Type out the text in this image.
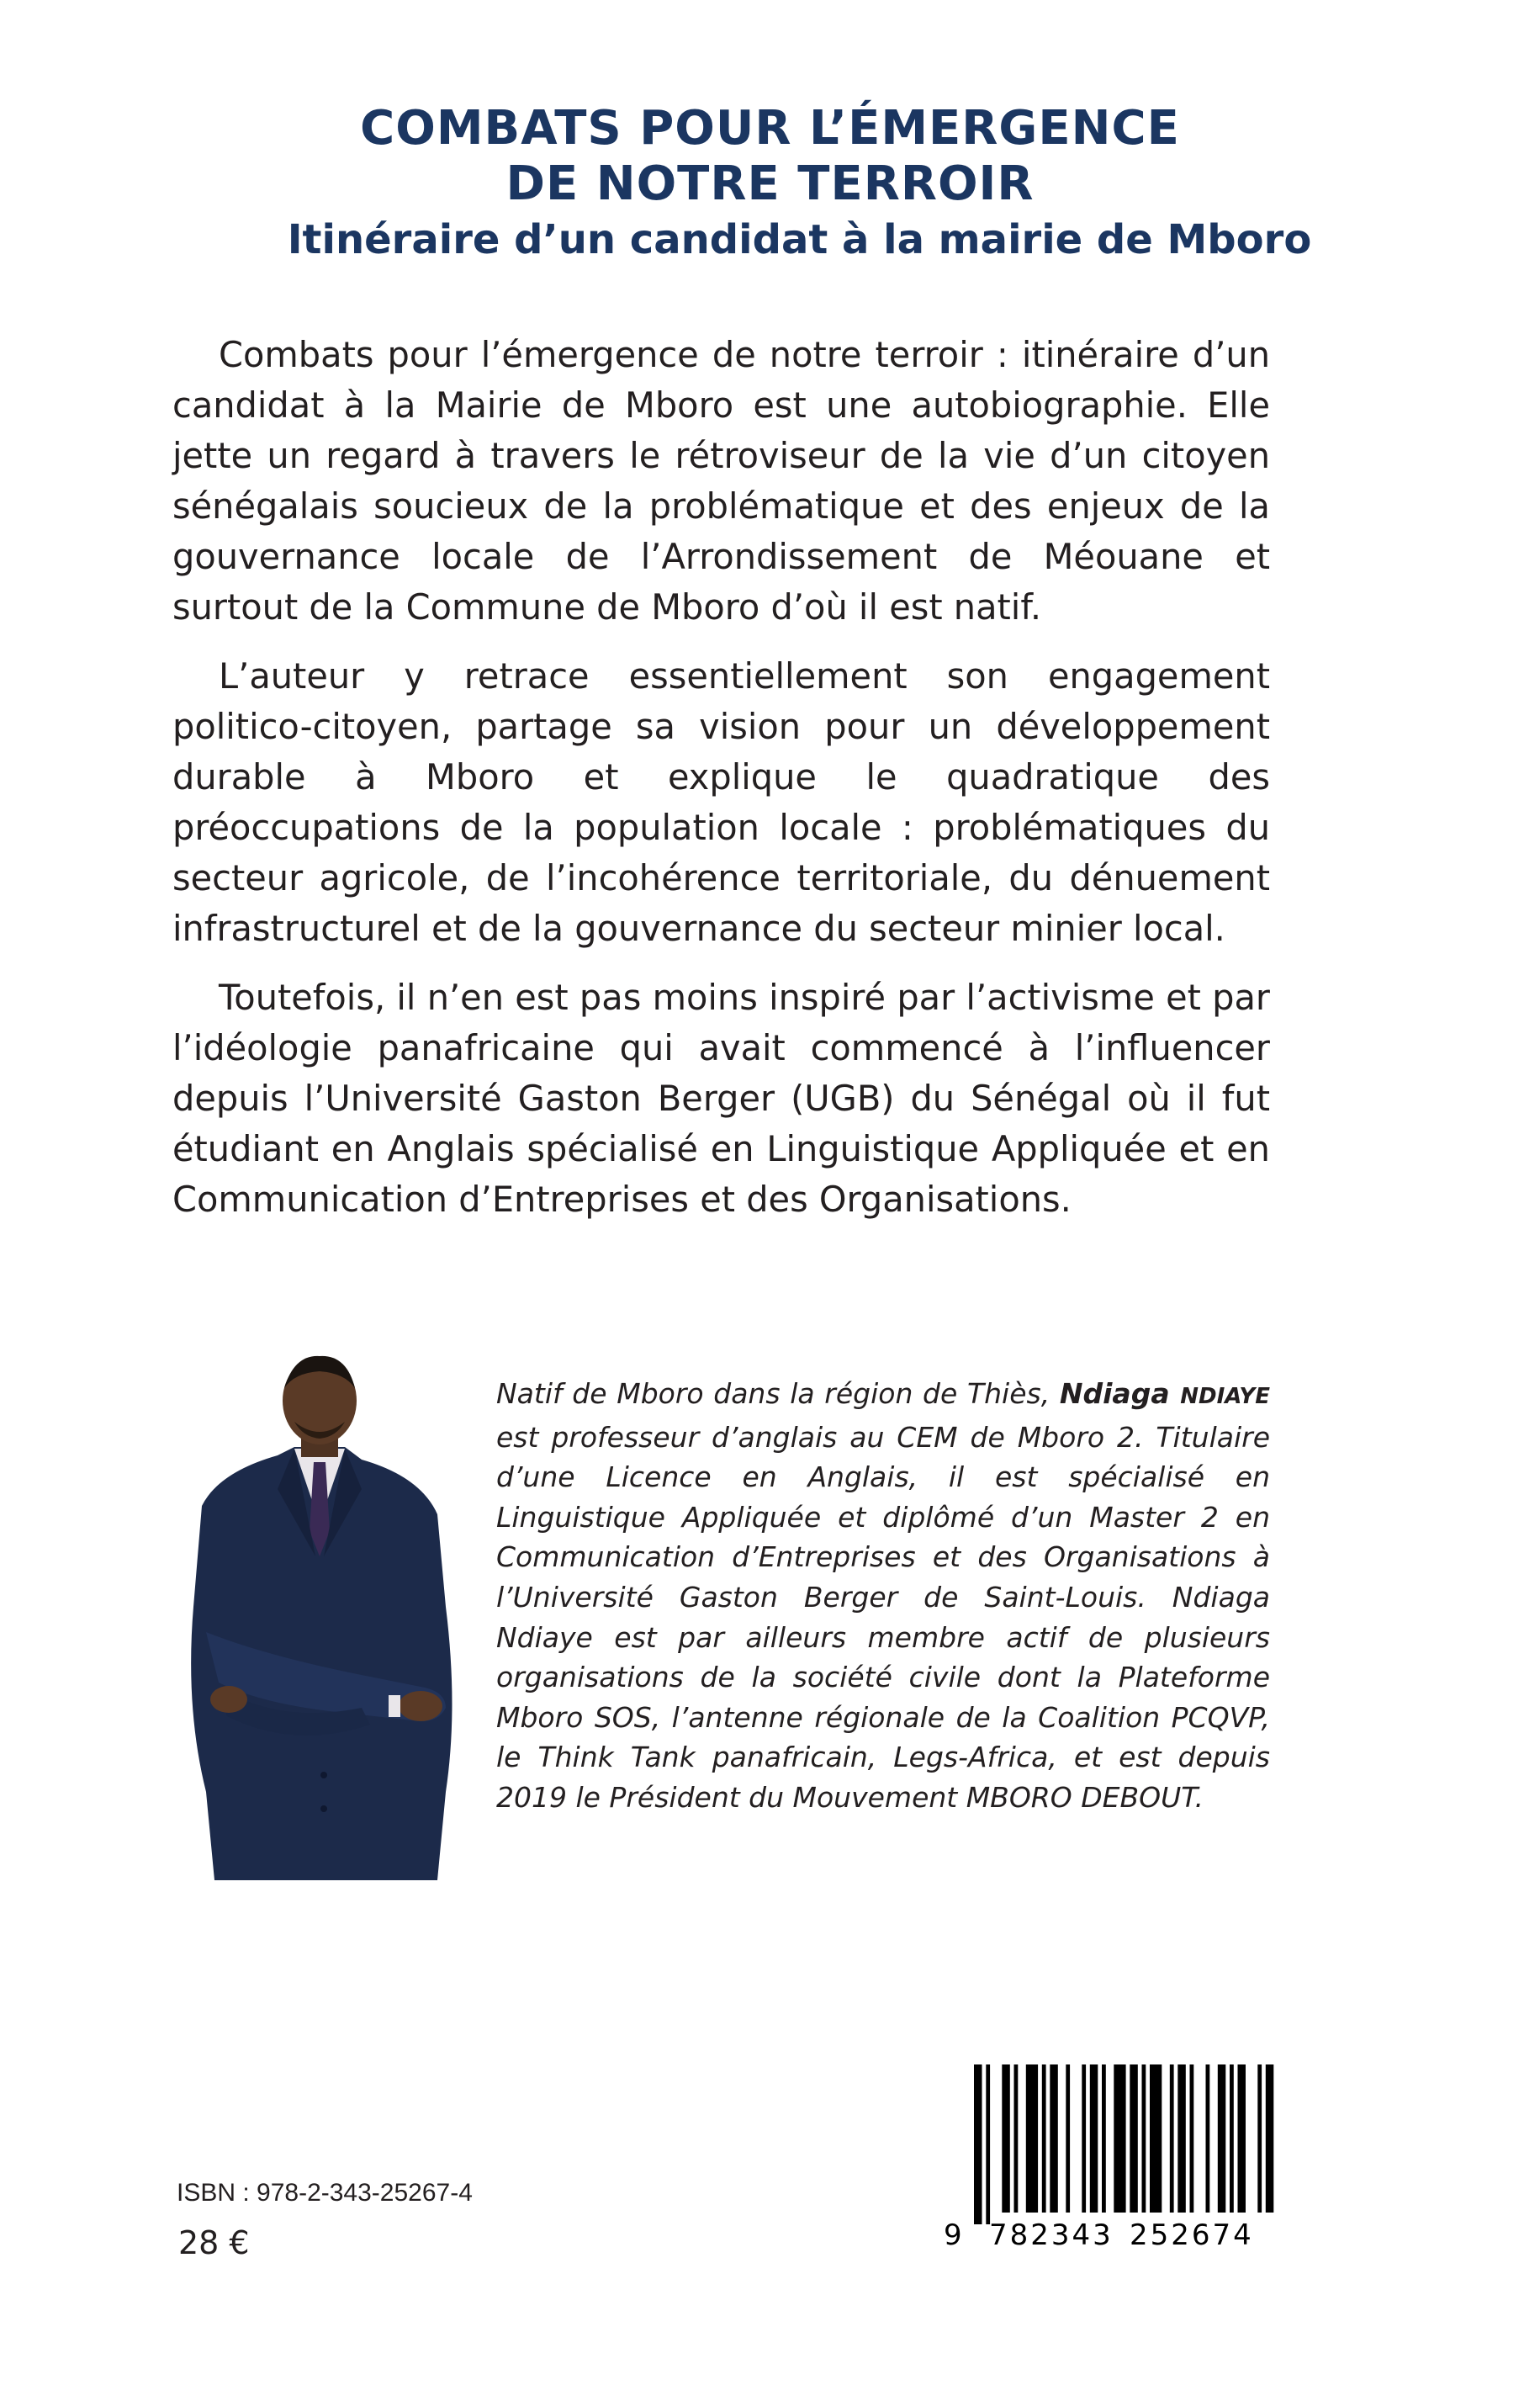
COMBATS POUR L’ÉMERGENCE
DE NOTRE TERROIR
Itinéraire d’un candidat à la mairie de Mboro

Combats pour l’émergence de notre terroir : itinéraire d’un candidat à la Mairie de Mboro est une autobiographie. Elle jette un regard à travers le rétroviseur de la vie d’un citoyen sénégalais soucieux de la problématique et des enjeux de la gouvernance locale de l’Arrondissement de Méouane et surtout de la Commune de Mboro d’où il est natif.

L’auteur y retrace essentiellement son engagement politico-citoyen, partage sa vision pour un développement durable à Mboro et explique le quadratique des préoccupations de la population locale : problématiques du secteur agricole, de l’incohérence territoriale, du dénuement infrastructurel et de la gouvernance du secteur minier local.

Toutefois, il n’en est pas moins inspiré par l’activisme et par l’idéologie panafricaine qui avait commencé à l’influencer depuis l’Université Gaston Berger (UGB) du Sénégal où il fut étudiant en Anglais spécialisé en Linguistique Appliquée et en Communication d’Entreprises et des Organisations.

Natif de Mboro dans la région de Thiès, Ndiaga NDIAYE est professeur d’anglais au CEM de Mboro 2. Titulaire d’une Licence en Anglais, il est spécialisé en Linguistique Appliquée et diplômé d’un Master 2 en Communication d’Entreprises et des Organisations à l’Université Gaston Berger de Saint-Louis. Ndiaga Ndiaye est par ailleurs membre actif de plusieurs organisations de la société civile dont la Plateforme Mboro SOS, l’antenne régionale de la Coalition PCQVP, le Think Tank panafricain, Legs-Africa, et est depuis 2019 le Président du Mouvement MBORO DEBOUT.
ISBN : 978-2-343-25267-4
28 €	9 782343 252674
